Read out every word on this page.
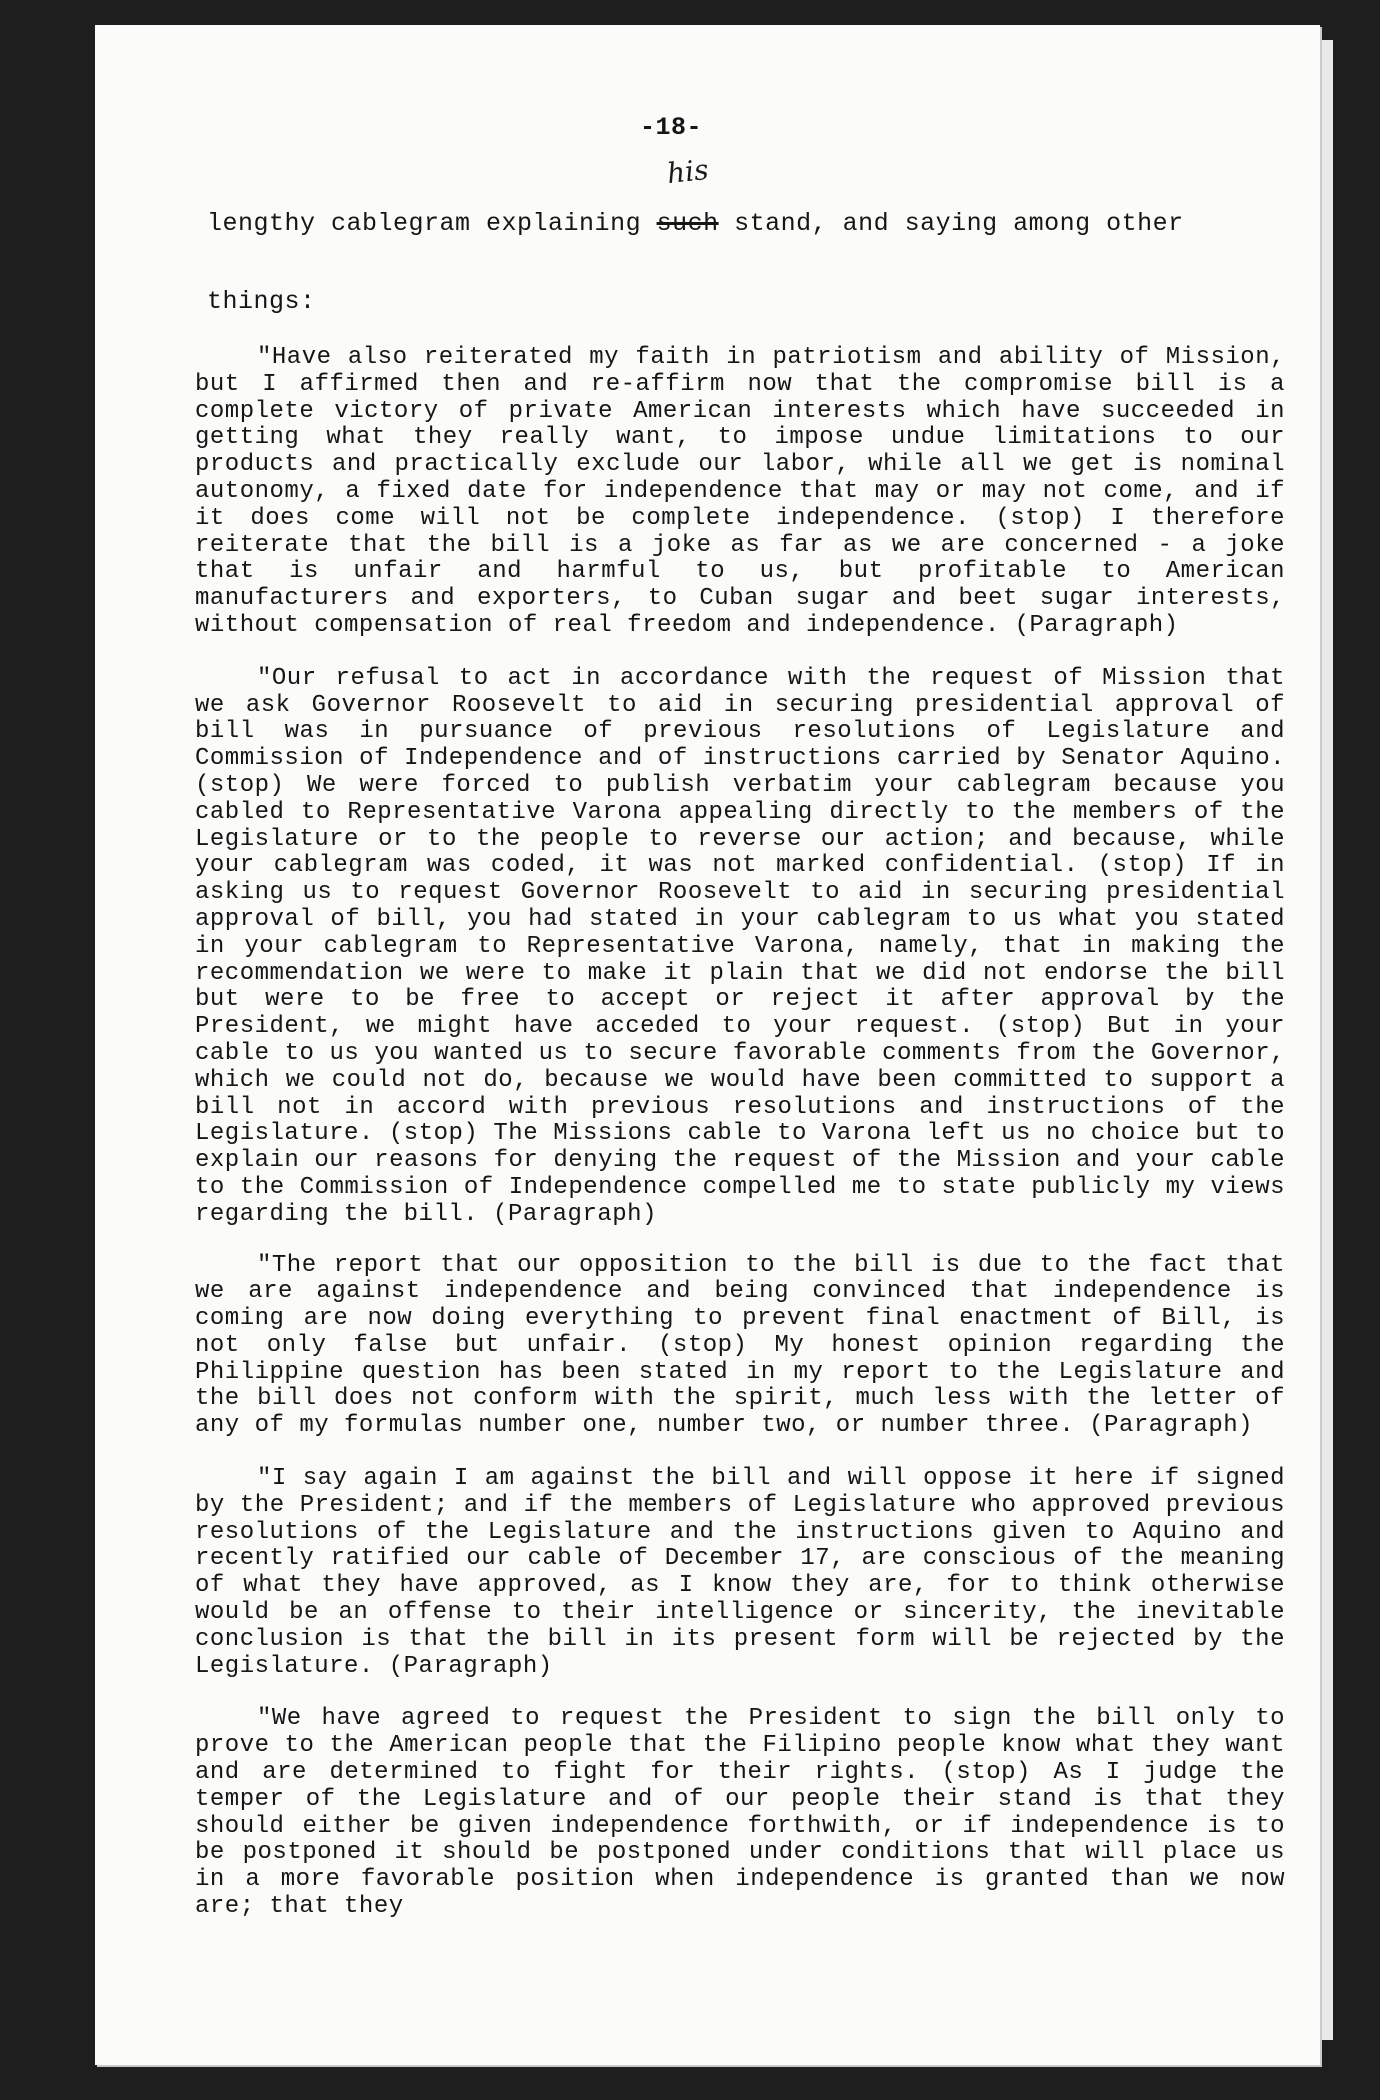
-18-
his
lengthy cablegram explaining such stand, and saying among other
things:

"Have also reiterated my faith in patriotism and ability of Mission, but I affirmed then and re-affirm now that the compromise bill is a complete victory of private American interests which have succeeded in getting what they really want, to impose undue limitations to our products and practically exclude our labor, while all we get is nominal autonomy, a fixed date for independence that may or may not come, and if it does come will not be complete independence. (stop) I therefore reiterate that the bill is a joke as far as we are concerned - a joke that is unfair and harmful to us, but profitable to American manufacturers and exporters, to Cuban sugar and beet sugar interests, without compensation of real freedom and independence. (Paragraph)

"Our refusal to act in accordance with the request of Mission that we ask Governor Roosevelt to aid in securing presidential approval of bill was in pursuance of previous resolutions of Legislature and Commission of Independence and of instructions carried by Senator Aquino. (stop) We were forced to publish verbatim your cablegram because you cabled to Representative Varona appealing directly to the members of the Legislature or to the people to reverse our action; and because, while your cablegram was coded, it was not marked confidential. (stop) If in asking us to request Governor Roosevelt to aid in securing presidential approval of bill, you had stated in your cablegram to us what you stated in your cablegram to Representative Varona, namely, that in making the recommendation we were to make it plain that we did not endorse the bill but were to be free to accept or reject it after approval by the President, we might have acceded to your request. (stop) But in your cable to us you wanted us to secure favorable comments from the Governor, which we could not do, because we would have been committed to support a bill not in accord with previous resolutions and instructions of the Legislature. (stop) The Missions cable to Varona left us no choice but to explain our reasons for denying the request of the Mission and your cable to the Commission of Independence compelled me to state publicly my views regarding the bill. (Paragraph)

"The report that our opposition to the bill is due to the fact that we are against independence and being convinced that independence is coming are now doing everything to prevent final enactment of Bill, is not only false but unfair. (stop) My honest opinion regarding the Philippine question has been stated in my report to the Legislature and the bill does not conform with the spirit, much less with the letter of any of my formulas number one, number two, or number three. (Paragraph)

"I say again I am against the bill and will oppose it here if signed by the President; and if the members of Legislature who approved previous resolutions of the Legislature and the instructions given to Aquino and recently ratified our cable of December 17, are conscious of the meaning of what they have approved, as I know they are, for to think otherwise would be an offense to their intelligence or sincerity, the inevitable conclusion is that the bill in its present form will be rejected by the Legislature. (Paragraph)

"We have agreed to request the President to sign the bill only to prove to the American people that the Filipino people know what they want and are determined to fight for their rights. (stop) As I judge the temper of the Legislature and of our people their stand is that they should either be given independence forthwith, or if independence is to be postponed it should be postponed under conditions that will place us in a more favorable position when independence is granted than we now are; that they
